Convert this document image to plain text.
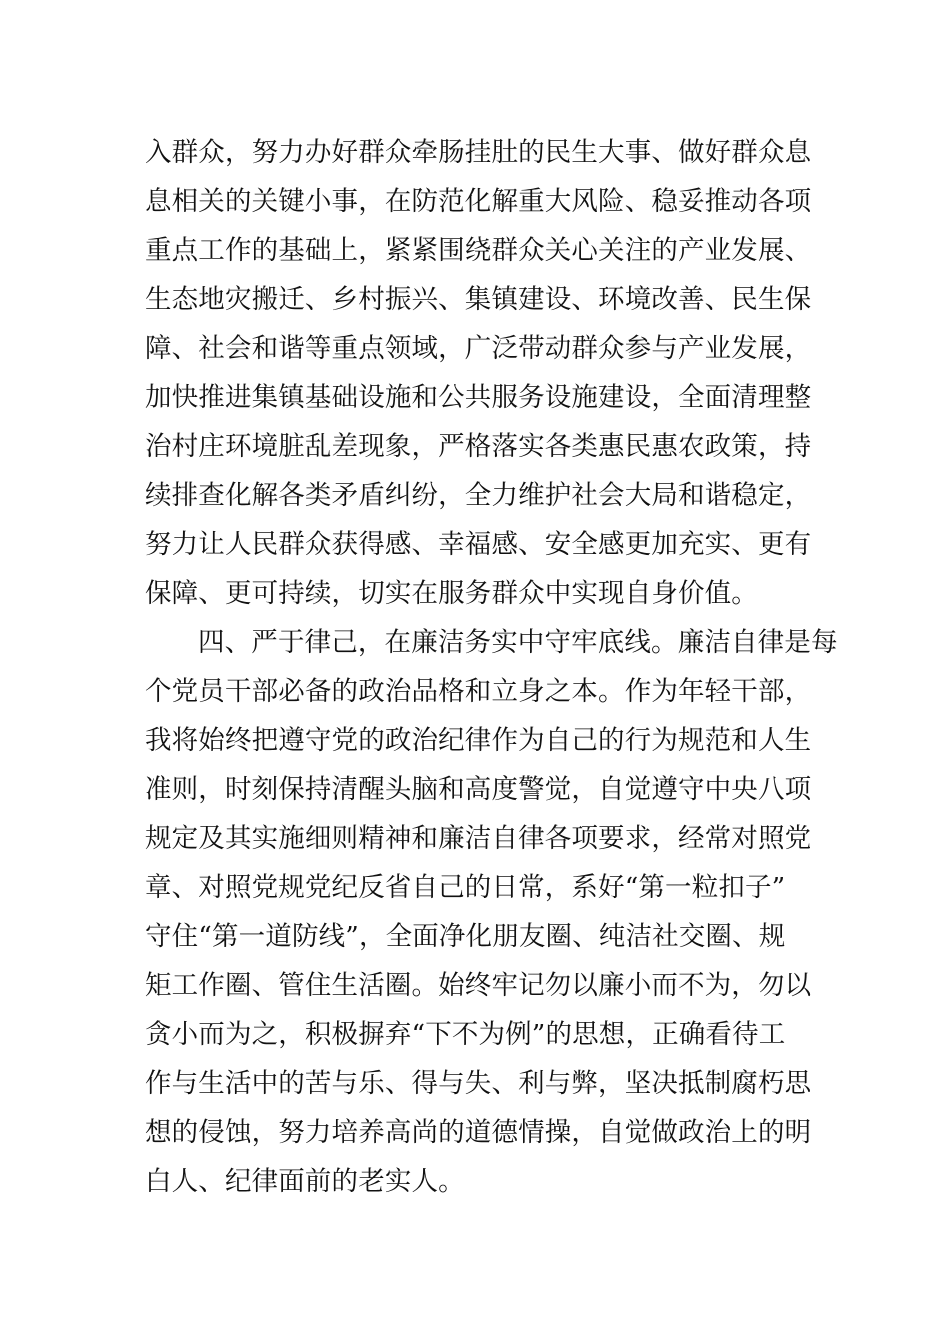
入群众，努力办好群众牵肠挂肚的民生大事、做好群众息
息相关的关键小事，在防范化解重大风险、稳妥推动各项
重点工作的基础上，紧紧围绕群众关心关注的产业发展、
生态地灾搬迁、乡村振兴、集镇建设、环境改善、民生保
障、社会和谐等重点领域，广泛带动群众参与产业发展，
加快推进集镇基础设施和公共服务设施建设，全面清理整
治村庄环境脏乱差现象，严格落实各类惠民惠农政策，持
续排查化解各类矛盾纠纷，全力维护社会大局和谐稳定，
努力让人民群众获得感、幸福感、安全感更加充实、更有
保障、更可持续，切实在服务群众中实现自身价值。
四、严于律己，在廉洁务实中守牢底线。廉洁自律是每
个党员干部必备的政治品格和立身之本。作为年轻干部，
我将始终把遵守党的政治纪律作为自己的行为规范和人生
准则，时刻保持清醒头脑和高度警觉，自觉遵守中央八项
规定及其实施细则精神和廉洁自律各项要求，经常对照党
章、对照党规党纪反省自己的日常，系好“第一粒扣子”
守住“第一道防线”，全面净化朋友圈、纯洁社交圈、规
矩工作圈、管住生活圈。始终牢记勿以廉小而不为，勿以
贪小而为之，积极摒弃“下不为例”的思想，正确看待工
作与生活中的苦与乐、得与失、利与弊，坚决抵制腐朽思
想的侵蚀，努力培养高尚的道德情操，自觉做政治上的明
白人、纪律面前的老实人。
